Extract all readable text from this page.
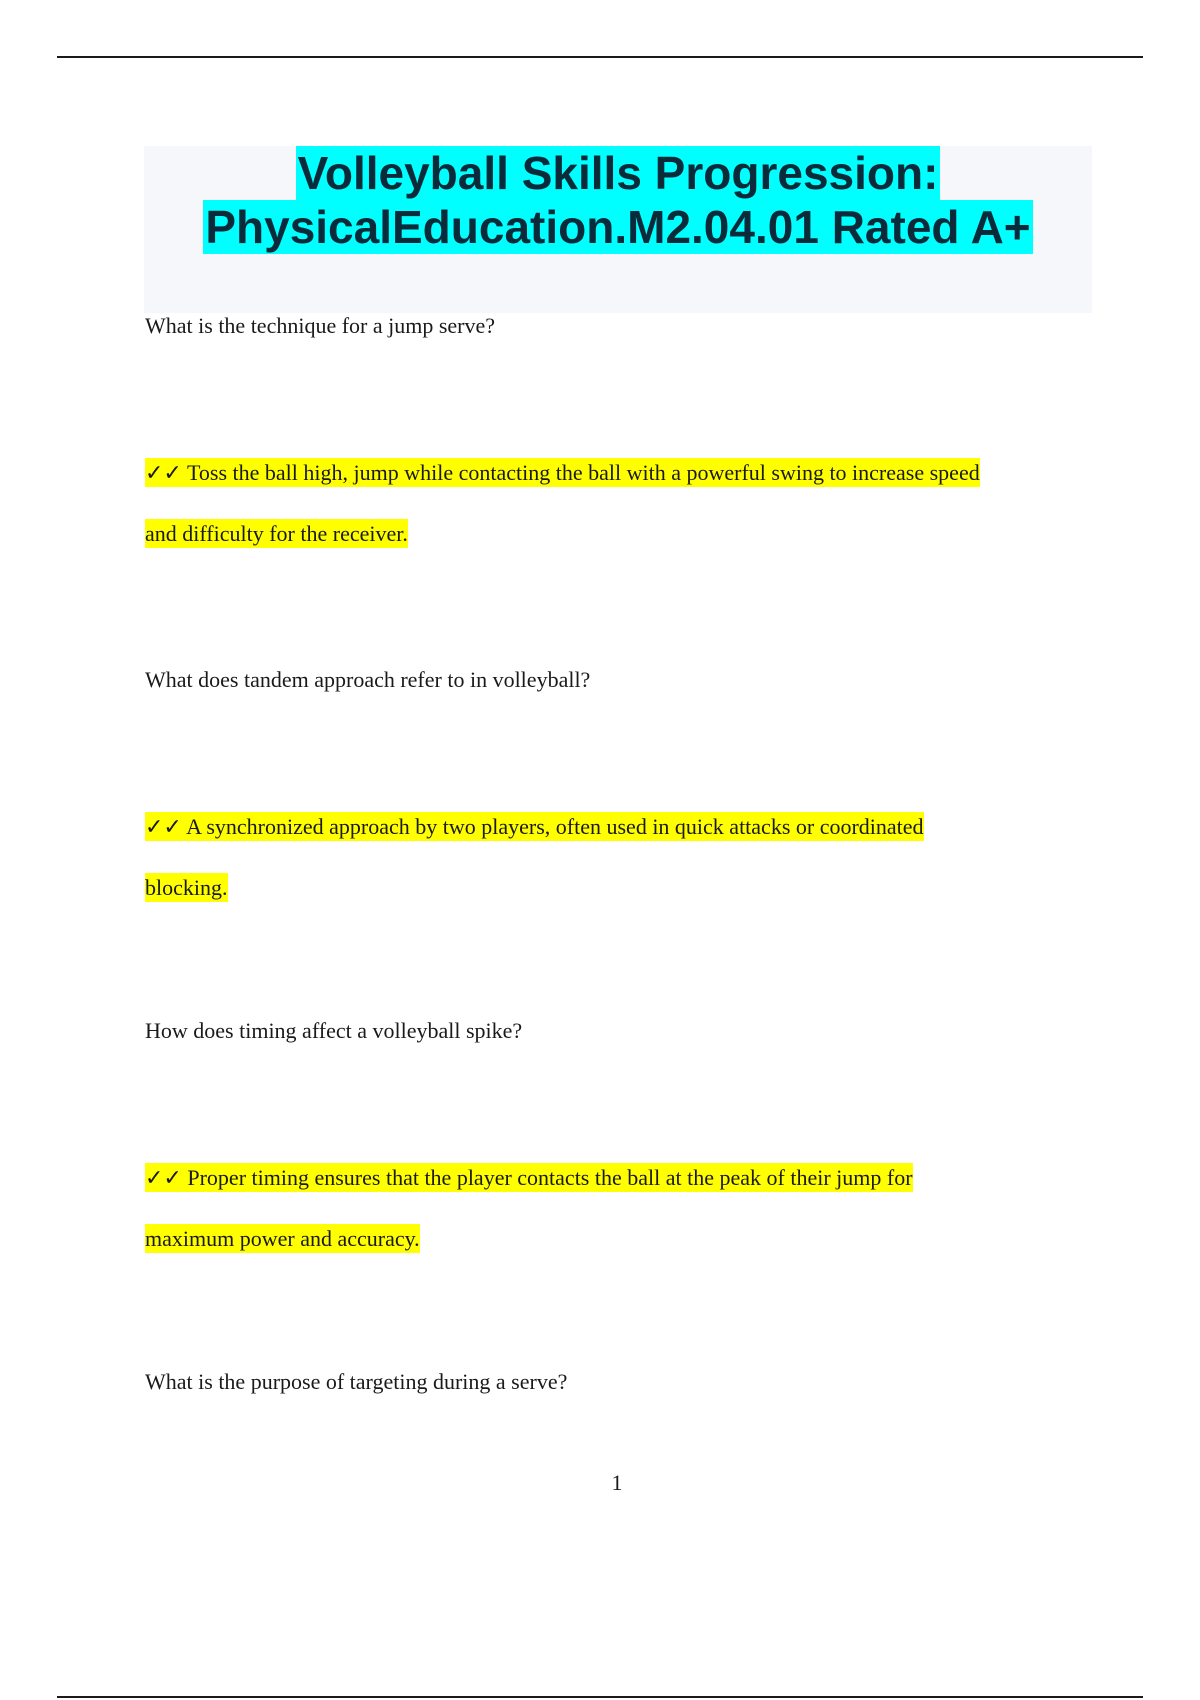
Volleyball Skills Progression:
PhysicalEducation.M2.04.01 Rated A+
What is the technique for a jump serve?
✓✓ Toss the ball high, jump while contacting the ball with a powerful swing to increase speed
and difficulty for the receiver.
What does tandem approach refer to in volleyball?
✓✓ A synchronized approach by two players, often used in quick attacks or coordinated
blocking.
How does timing affect a volleyball spike?
✓✓ Proper timing ensures that the player contacts the ball at the peak of their jump for
maximum power and accuracy.
What is the purpose of targeting during a serve?
1
